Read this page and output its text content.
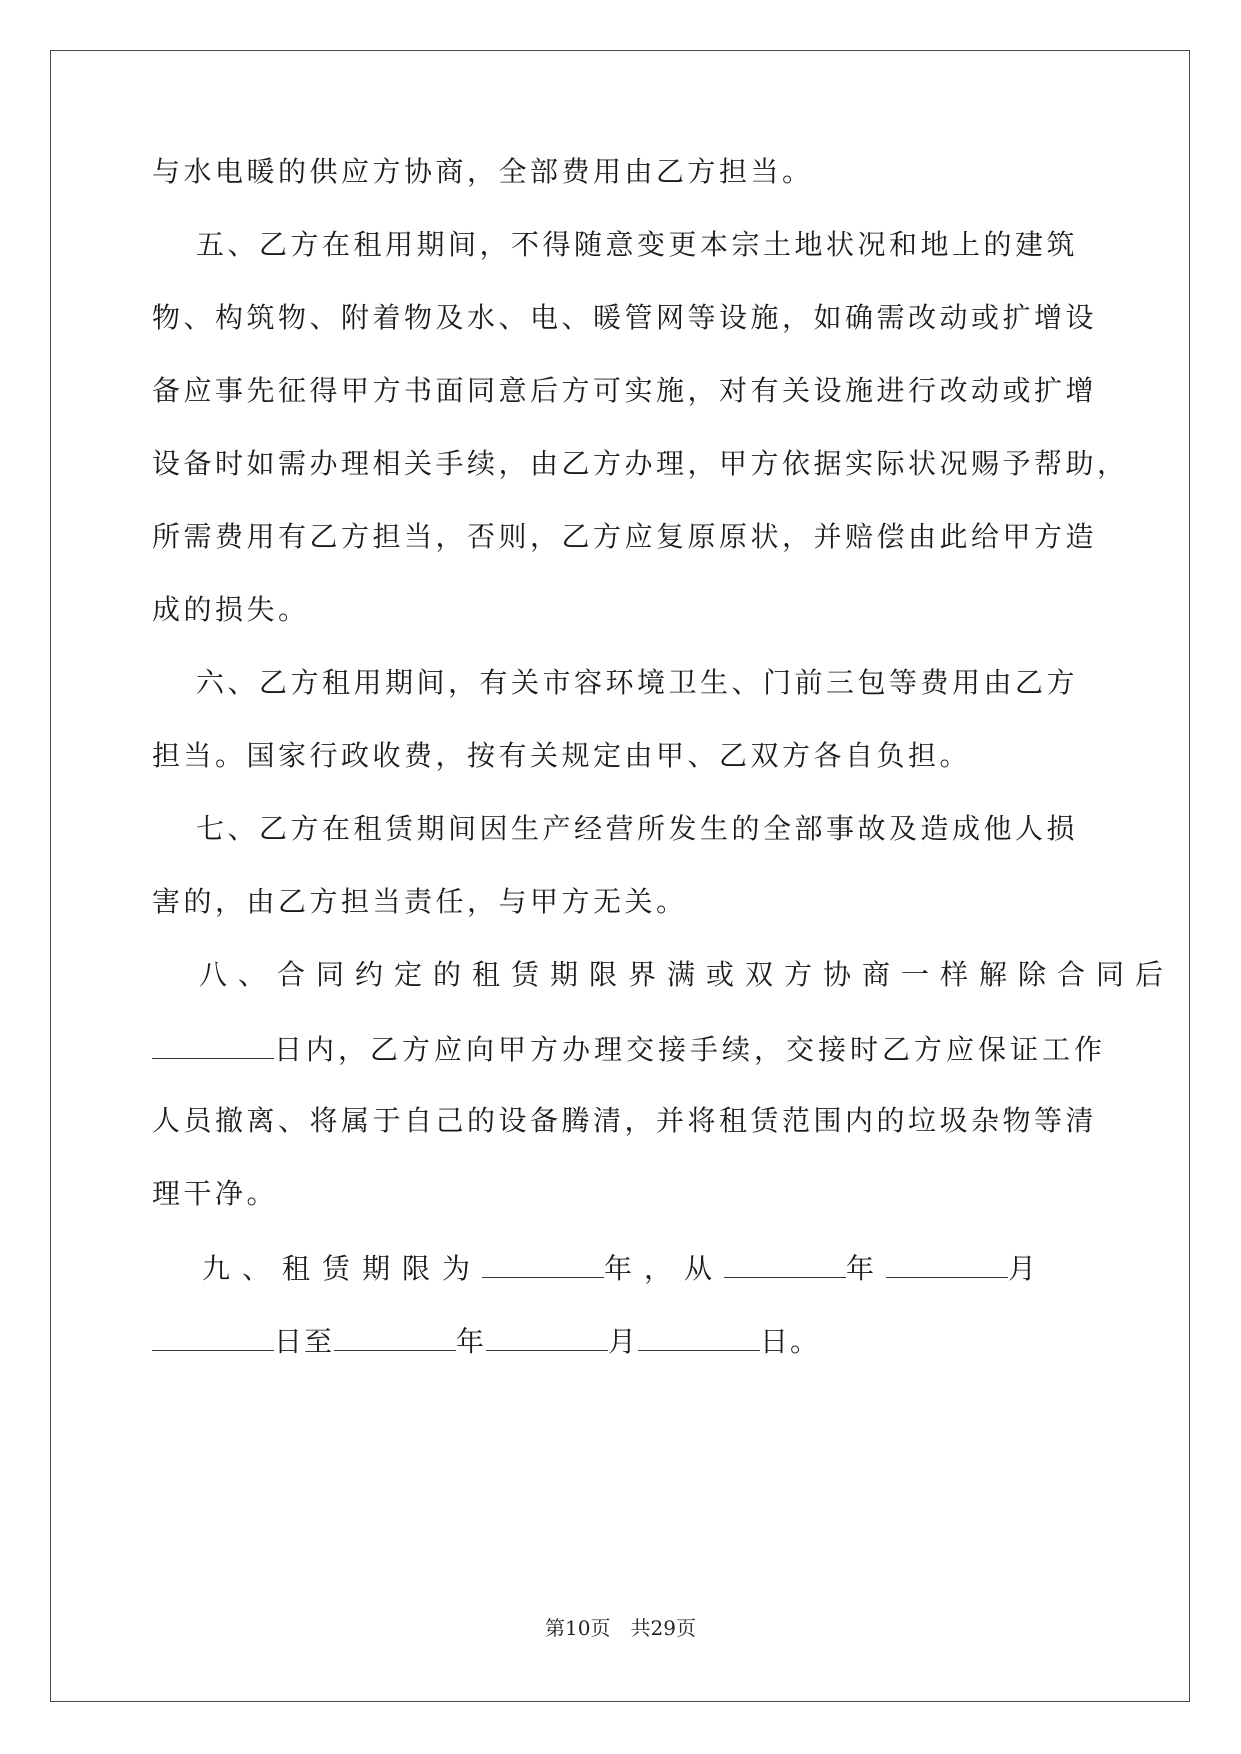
与水电暖的供应方协商，全部费用由乙方担当。
五、乙方在租用期间，不得随意变更本宗土地状况和地上的建筑
物、构筑物、附着物及水、电、暖管网等设施，如确需改动或扩增设
备应事先征得甲方书面同意后方可实施，对有关设施进行改动或扩增
设备时如需办理相关手续，由乙方办理，甲方依据实际状况赐予帮助，
所需费用有乙方担当，否则，乙方应复原原状，并赔偿由此给甲方造
成的损失。
六、乙方租用期间，有关市容环境卫生、门前三包等费用由乙方
担当。国家行政收费，按有关规定由甲、乙双方各自负担。
七、乙方在租赁期间因生产经营所发生的全部事故及造成他人损
害的，由乙方担当责任，与甲方无关。
八、合同约定的租赁期限界满或双方协商一样解除合同后
日内，乙方应向甲方办理交接手续，交接时乙方应保证工作
人员撤离、将属于自己的设备腾清，并将租赁范围内的垃圾杂物等清
理干净。
九、租赁期限为	年，从	年	月
日至	年	月	日。
第10页　共29页
